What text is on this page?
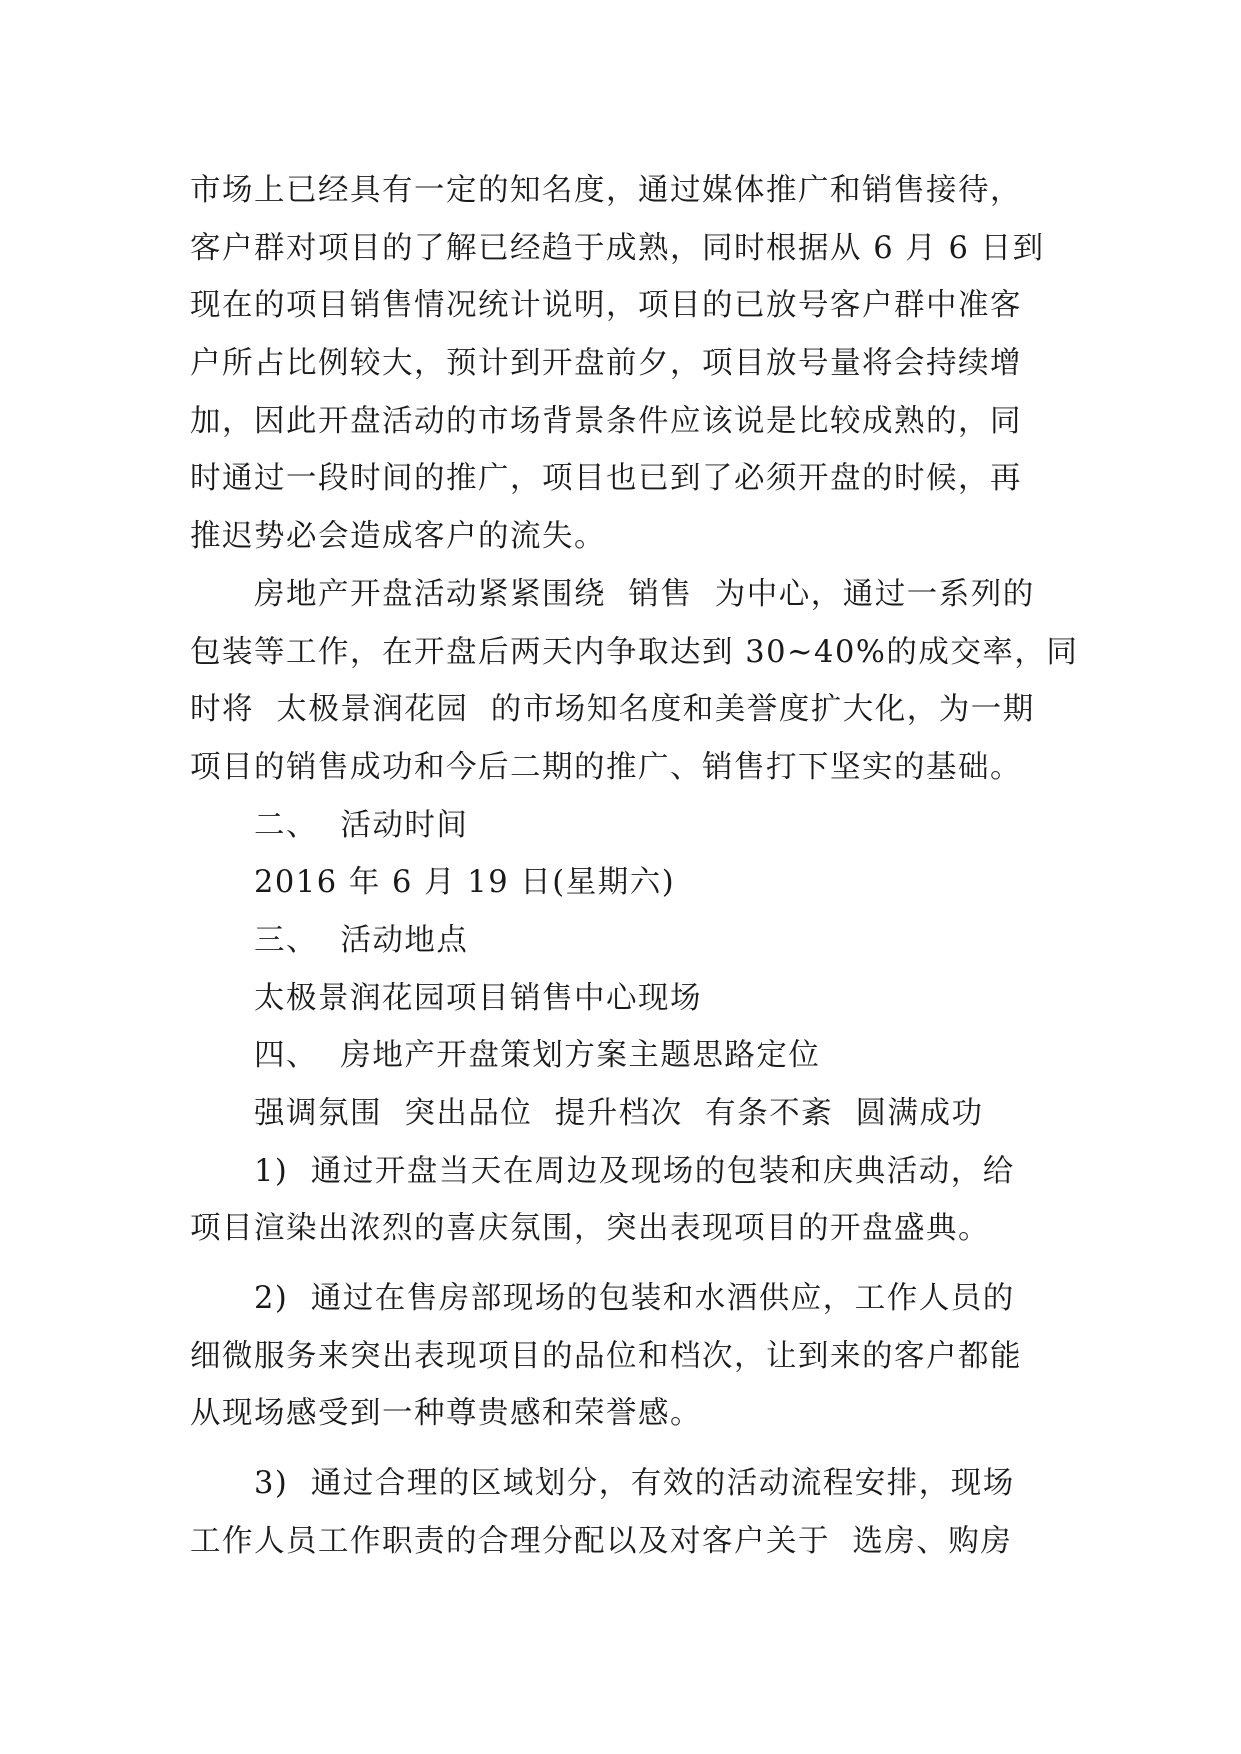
市场上已经具有一定的知名度，通过媒体推广和销售接待，
客户群对项目的了解已经趋于成熟，同时根据从 6 月 6 日到
现在的项目销售情况统计说明，项目的已放号客户群中准客
户所占比例较大，预计到开盘前夕，项目放号量将会持续增
加，因此开盘活动的市场背景条件应该说是比较成熟的，同
时通过一段时间的推广，项目也已到了必须开盘的时候，再
推迟势必会造成客户的流失。
房地产开盘活动紧紧围绕  销售  为中心，通过一系列的
包装等工作，在开盘后两天内争取达到 30~40%的成交率，同
时将  太极景润花园  的市场知名度和美誉度扩大化，为一期
项目的销售成功和今后二期的推广、销售打下坚实的基础。
二、  活动时间
2016 年 6 月 19 日(星期六)
三、  活动地点
太极景润花园项目销售中心现场
四、  房地产开盘策划方案主题思路定位
强调氛围  突出品位  提升档次  有条不紊  圆满成功
1)  通过开盘当天在周边及现场的包装和庆典活动，给
项目渲染出浓烈的喜庆氛围，突出表现项目的开盘盛典。
2)  通过在售房部现场的包装和水酒供应，工作人员的
细微服务来突出表现项目的品位和档次，让到来的客户都能
从现场感受到一种尊贵感和荣誉感。
3)  通过合理的区域划分，有效的活动流程安排，现场
工作人员工作职责的合理分配以及对客户关于  选房、购房
